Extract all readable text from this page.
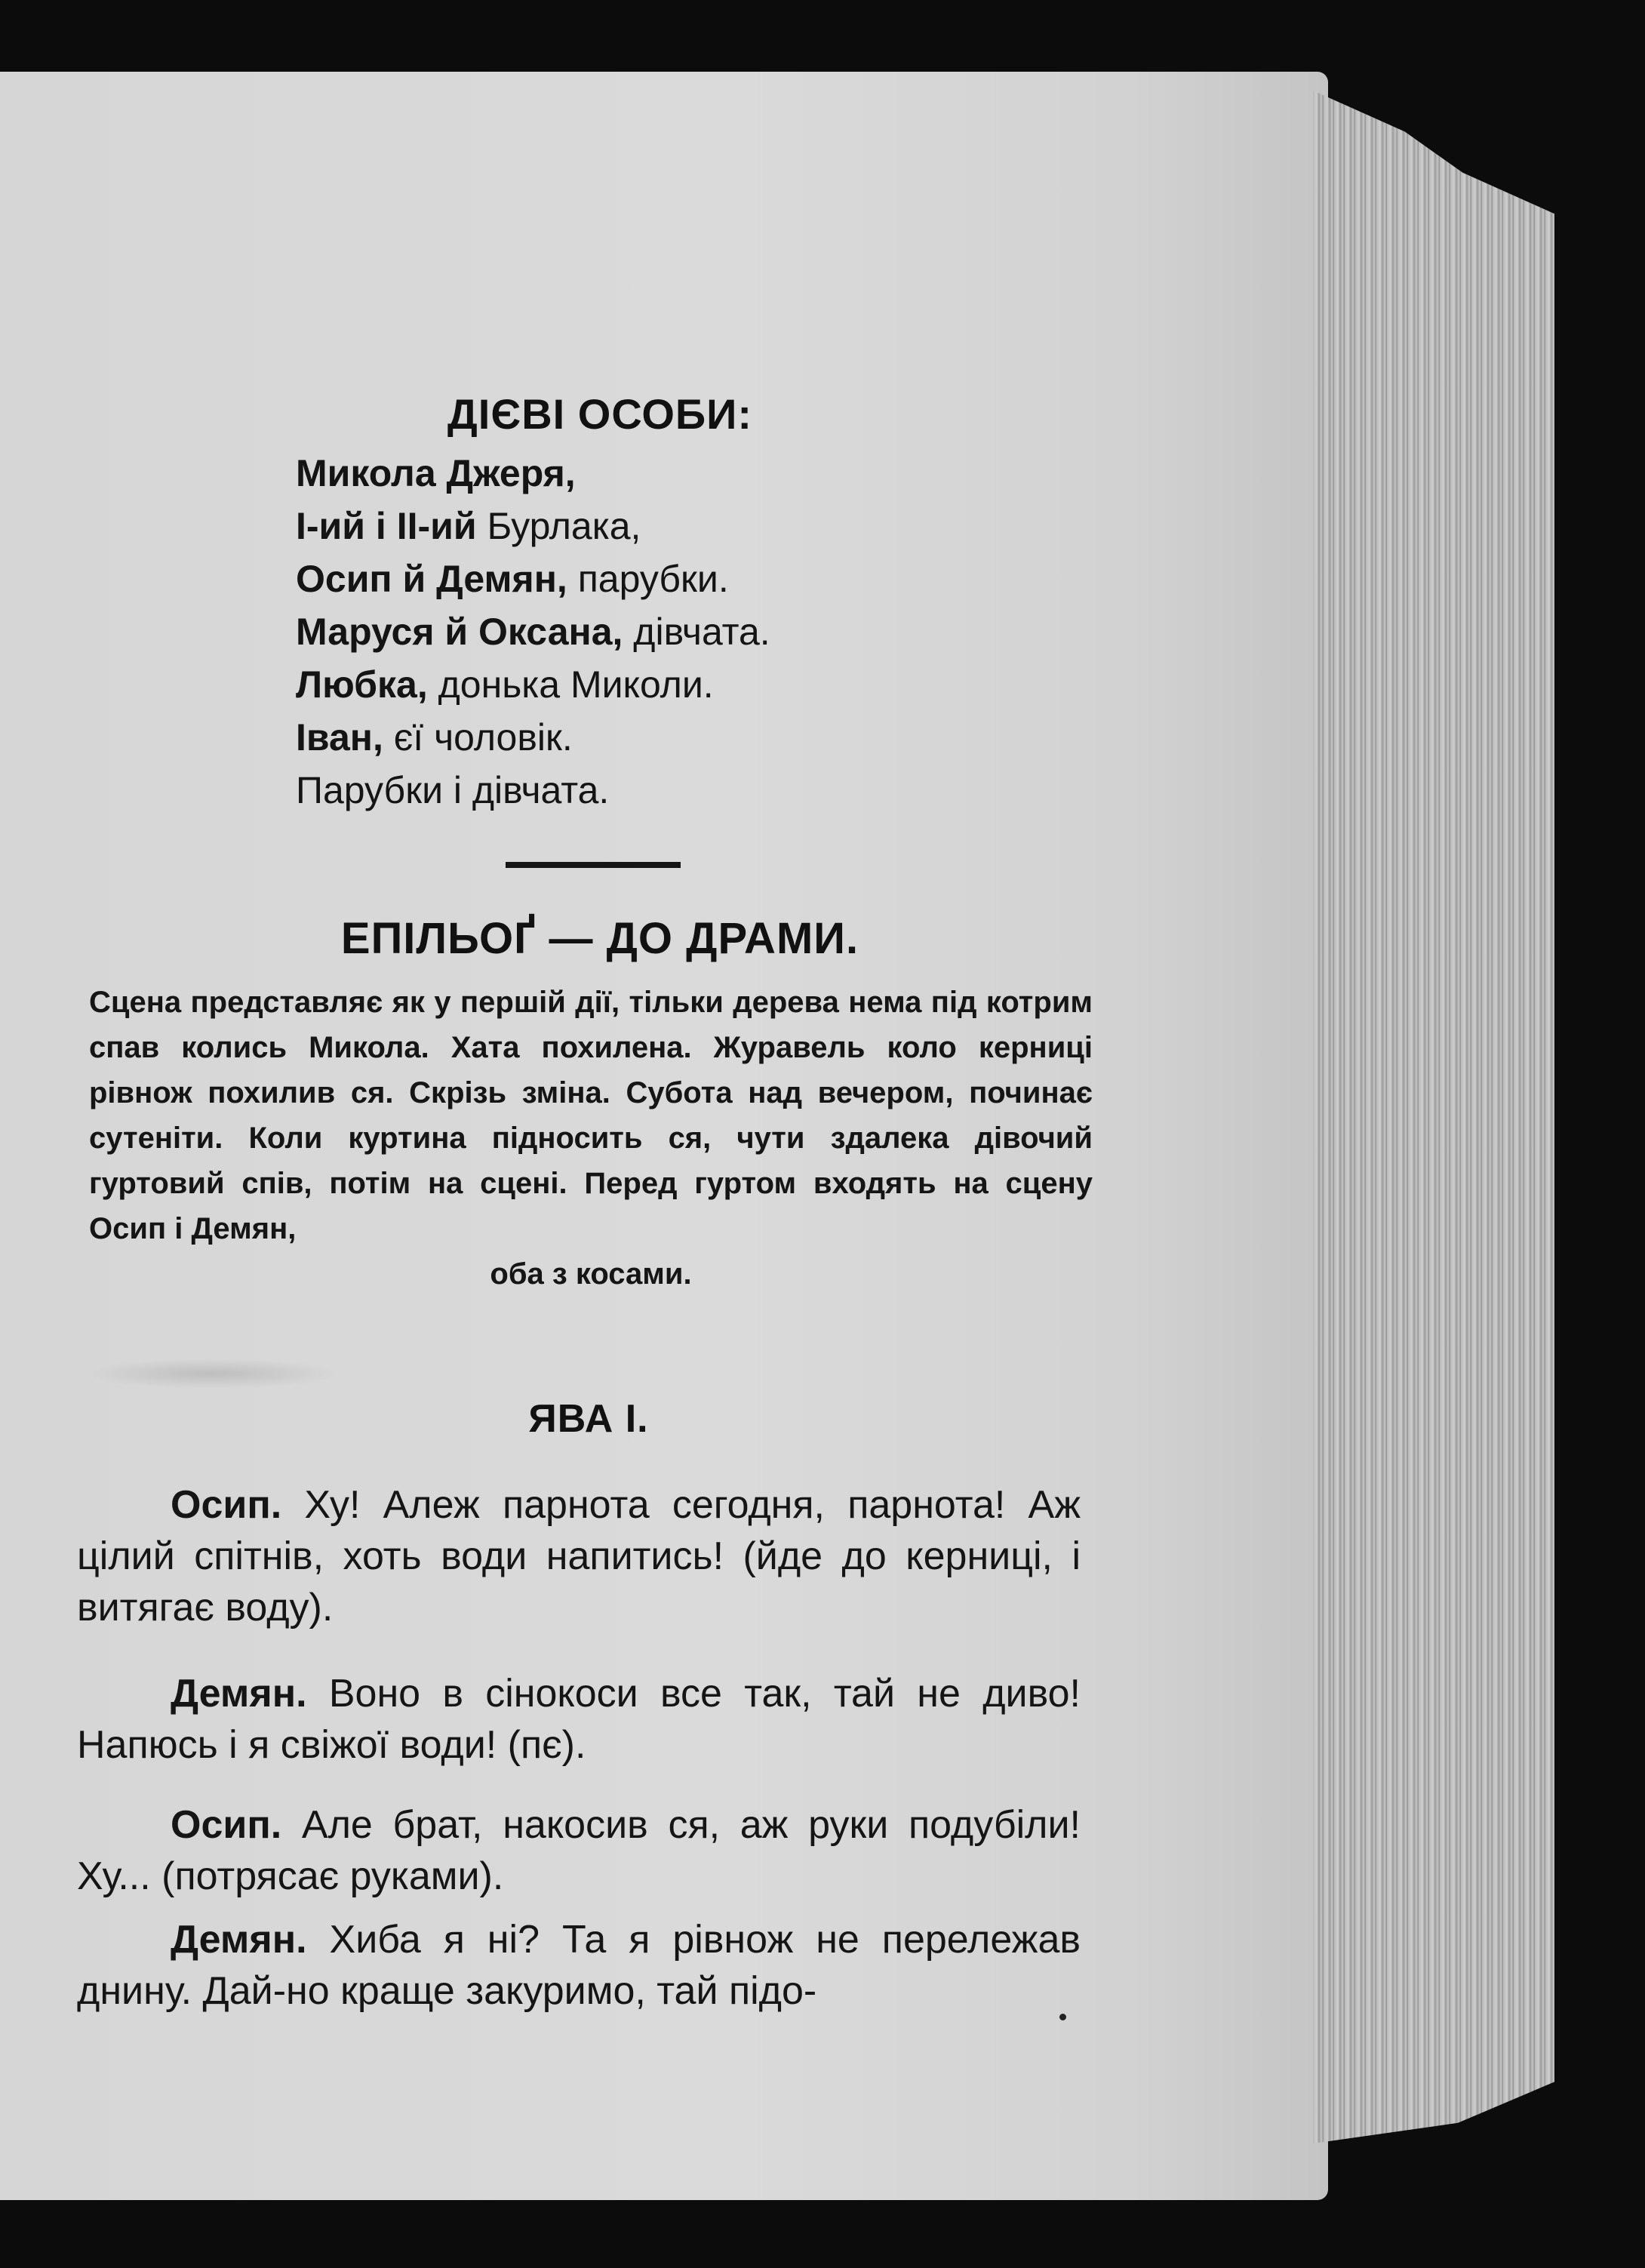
ДІЄВІ ОСОБИ:
Микола Джеря,
І-ий і ІІ-ий Бурлака,
Осип й Демян, парубки.
Маруся й Оксана, дівчата.
Любка, донька Миколи.
Іван, єї чоловік.
Парубки і дівчата.
ЕПІЛЬОҐ — ДО ДРАМИ.
Сцена представляє як у першій дії, тільки дерева нема під котрим спав колись Микола. Хата похилена. Журавель коло керниці рівнож похилив ся. Скрізь зміна. Субота над вечером, починає сутеніти. Коли куртина підносить ся, чути здалека дівочий гуртовий спів, потім на сцені. Перед гуртом входять на сцену Осип і Демян,
оба з косами.
ЯВА І.

Осип. Ху! Алеж парнота сегодня, парнота! Аж цілий спітнів, хоть води напитись! (йде до керниці, і витягає воду).

Демян. Воно в сінокоси все так, тай не диво! Напюсь і я свіжої води! (пє).

Осип. Але брат, накосив ся, аж руки подубіли! Ху... (потрясає руками).

Демян. Хиба я ні? Та я рівнож не перележав днину. Дай-но краще закуримо, тай підо-
